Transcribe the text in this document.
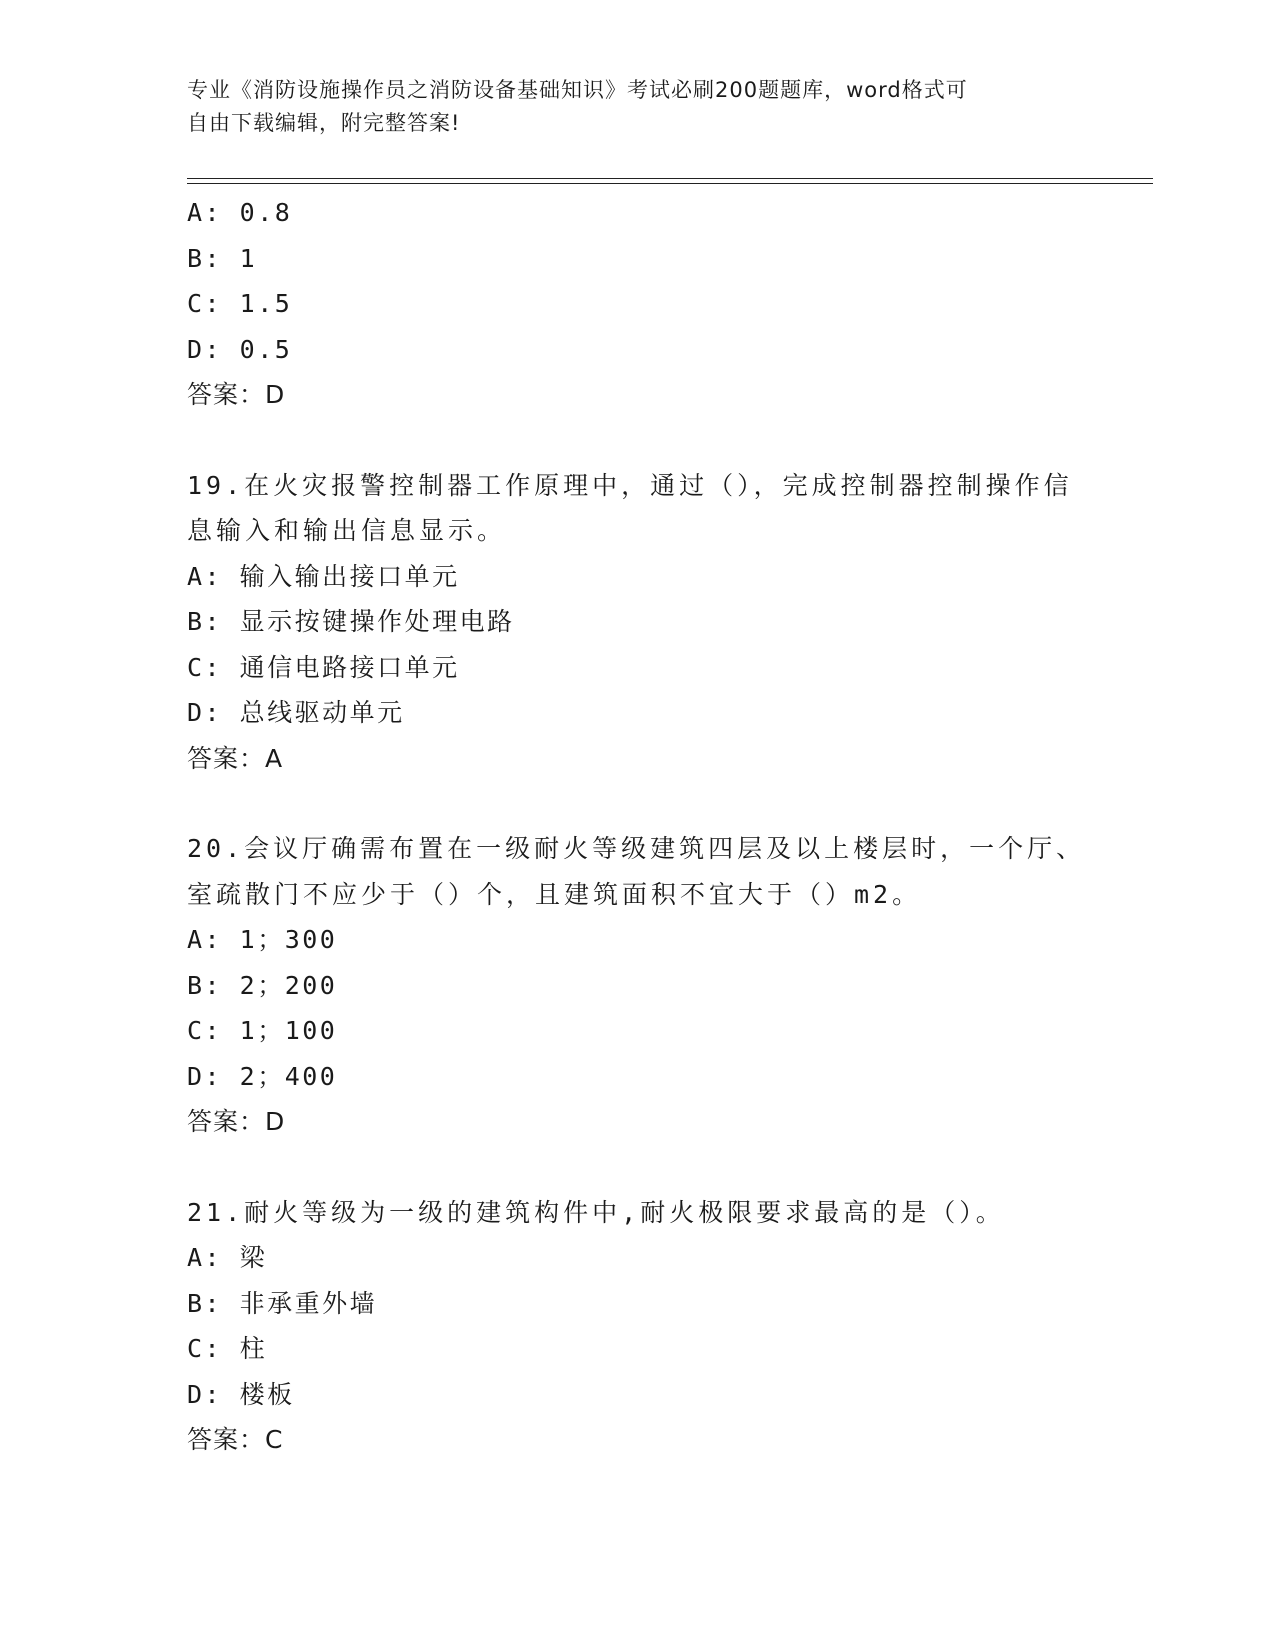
专业《消防设施操作员之消防设备基础知识》考试必刷200题题库，word格式可
自由下载编辑，附完整答案!
A: 0.8
B: 1
C: 1.5
D: 0.5
答案：D
19.在火灾报警控制器工作原理中，通过（），完成控制器控制操作信
息输入和输出信息显示。
A: 输入输出接口单元
B: 显示按键操作处理电路
C: 通信电路接口单元
D: 总线驱动单元
答案：A
20.会议厅确需布置在一级耐火等级建筑四层及以上楼层时，一个厅、
室疏散门不应少于（）个，且建筑面积不宜大于（）m2。
A: 1；300
B: 2；200
C: 1；100
D: 2；400
答案：D
21.耐火等级为一级的建筑构件中,耐火极限要求最高的是（）。
A: 梁
B: 非承重外墙
C: 柱
D: 楼板
答案：C
